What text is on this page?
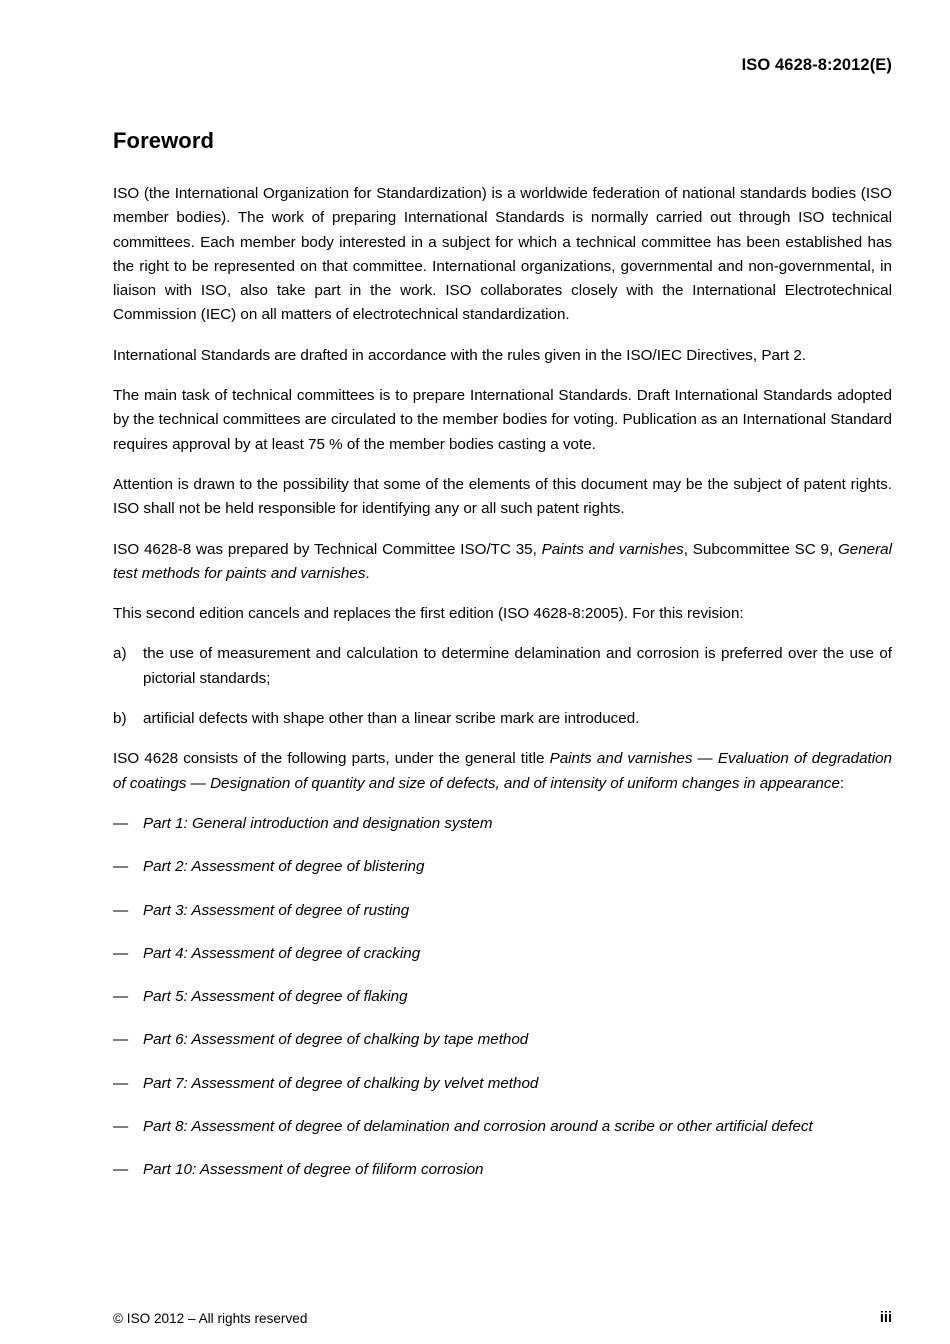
ISO 4628-8:2012(E)
Foreword

ISO (the International Organization for Standardization) is a worldwide federation of national standards bodies (ISO member bodies). The work of preparing International Standards is normally carried out through ISO technical committees. Each member body interested in a subject for which a technical committee has been established has the right to be represented on that committee. International organizations, governmental and non-governmental, in liaison with ISO, also take part in the work. ISO collaborates closely with the International Electrotechnical Commission (IEC) on all matters of electrotechnical standardization.

International Standards are drafted in accordance with the rules given in the ISO/IEC Directives, Part 2.

The main task of technical committees is to prepare International Standards. Draft International Standards adopted by the technical committees are circulated to the member bodies for voting. Publication as an International Standard requires approval by at least 75 % of the member bodies casting a vote.

Attention is drawn to the possibility that some of the elements of this document may be the subject of patent rights. ISO shall not be held responsible for identifying any or all such patent rights.

ISO 4628-8 was prepared by Technical Committee ISO/TC 35, Paints and varnishes, Subcommittee SC 9, General test methods for paints and varnishes.

This second edition cancels and replaces the first edition (ISO 4628-8:2005). For this revision:

a) the use of measurement and calculation to determine delamination and corrosion is preferred over the use of pictorial standards;
b) artificial defects with shape other than a linear scribe mark are introduced.

ISO 4628 consists of the following parts, under the general title Paints and varnishes — Evaluation of degradation of coatings — Designation of quantity and size of defects, and of intensity of uniform changes in appearance:

— Part 1: General introduction and designation system
— Part 2: Assessment of degree of blistering
— Part 3: Assessment of degree of rusting
— Part 4: Assessment of degree of cracking
— Part 5: Assessment of degree of flaking
— Part 6: Assessment of degree of chalking by tape method
— Part 7: Assessment of degree of chalking by velvet method
— Part 8: Assessment of degree of delamination and corrosion around a scribe or other artificial defect
— Part 10: Assessment of degree of filiform corrosion
© ISO 2012 – All rights reserved	iii
